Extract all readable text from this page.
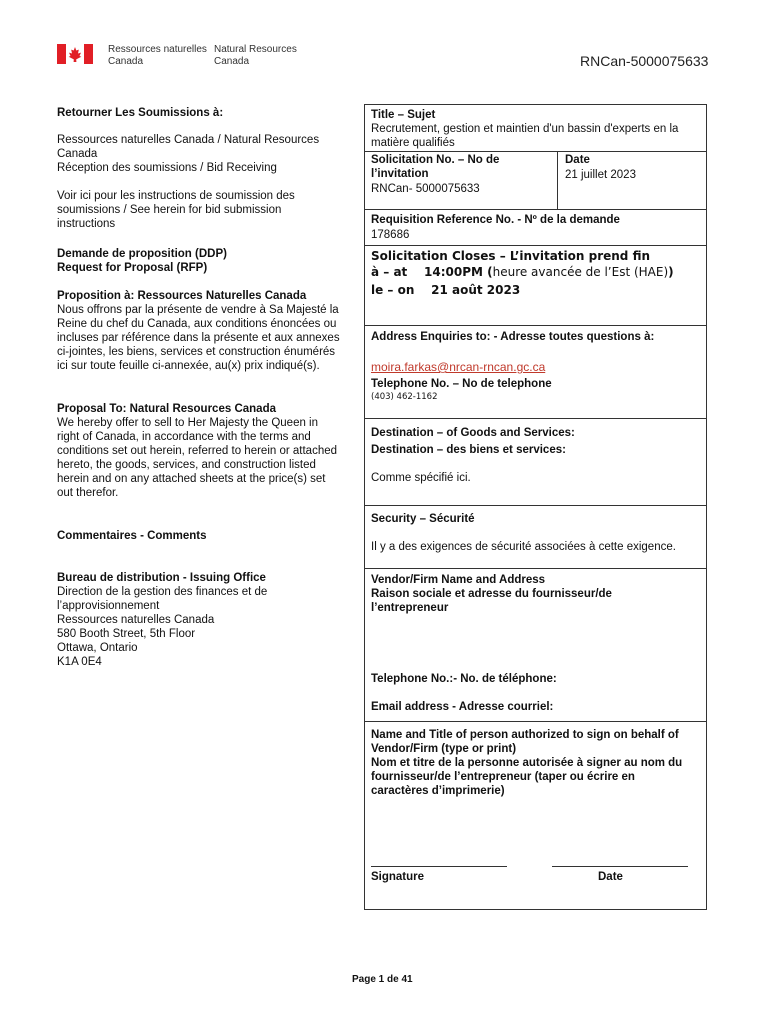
Ressources naturelles
Canada
Natural Resources
Canada	RNCan-5000075633
Retourner Les Soumissions à:
Ressources naturelles Canada / Natural Resources
Canada
Réception des soumissions / Bid Receiving
Voir ici pour les instructions de soumission des
soumissions / See herein for bid submission
instructions
Demande de proposition (DDP)
Request for Proposal (RFP)
Proposition à: Ressources Naturelles Canada
Nous offrons par la présente de vendre à Sa Majesté la
Reine du chef du Canada, aux conditions énoncées ou
incluses par référence dans la présente et aux annexes
ci-jointes, les biens, services et construction énumérés
ici sur toute feuille ci-annexée, au(x) prix indiqué(s).
Proposal To: Natural Resources Canada
We hereby offer to sell to Her Majesty the Queen in
right of Canada, in accordance with the terms and
conditions set out herein, referred to herein or attached
hereto, the goods, services, and construction listed
herein and on any attached sheets at the price(s) set
out therefor.
Commentaires - Comments
Bureau de distribution - Issuing Office
Direction de la gestion des finances et de
l’approvisionnement
Ressources naturelles Canada
580 Booth Street, 5th Floor
Ottawa, Ontario
K1A 0E4
Title – Sujet
Recrutement, gestion et maintien d'un bassin d'experts en la
matière qualifiés
Solicitation No. – No de
l’invitation
RNCan- 5000075633
Date
21 juillet 2023
Requisition Reference No. - Nº de la demande
178686
Solicitation Closes – L’invitation prend fin
à – at    14:00PM (heure avancée de l’Est (HAE))
le – on    21 août 2023
Address Enquiries to: - Adresse toutes questions à:
moira.farkas@nrcan-rncan.gc.ca
Telephone No. – No de telephone
(403) 462-1162
Destination – of Goods and Services:
Destination – des biens et services:
Comme spécifié ici.
Security – Sécurité
Il y a des exigences de sécurité associées à cette exigence.
Vendor/Firm Name and Address
Raison sociale et adresse du fournisseur/de
l’entrepreneur
Telephone No.:- No. de téléphone:
Email address - Adresse courriel:
Name and Title of person authorized to sign on behalf of
Vendor/Firm (type or print)
Nom et titre de la personne autorisée à signer au nom du
fournisseur/de l’entrepreneur (taper ou écrire en
caractères d’imprimerie)
Signature	Date
Page 1 de 41
